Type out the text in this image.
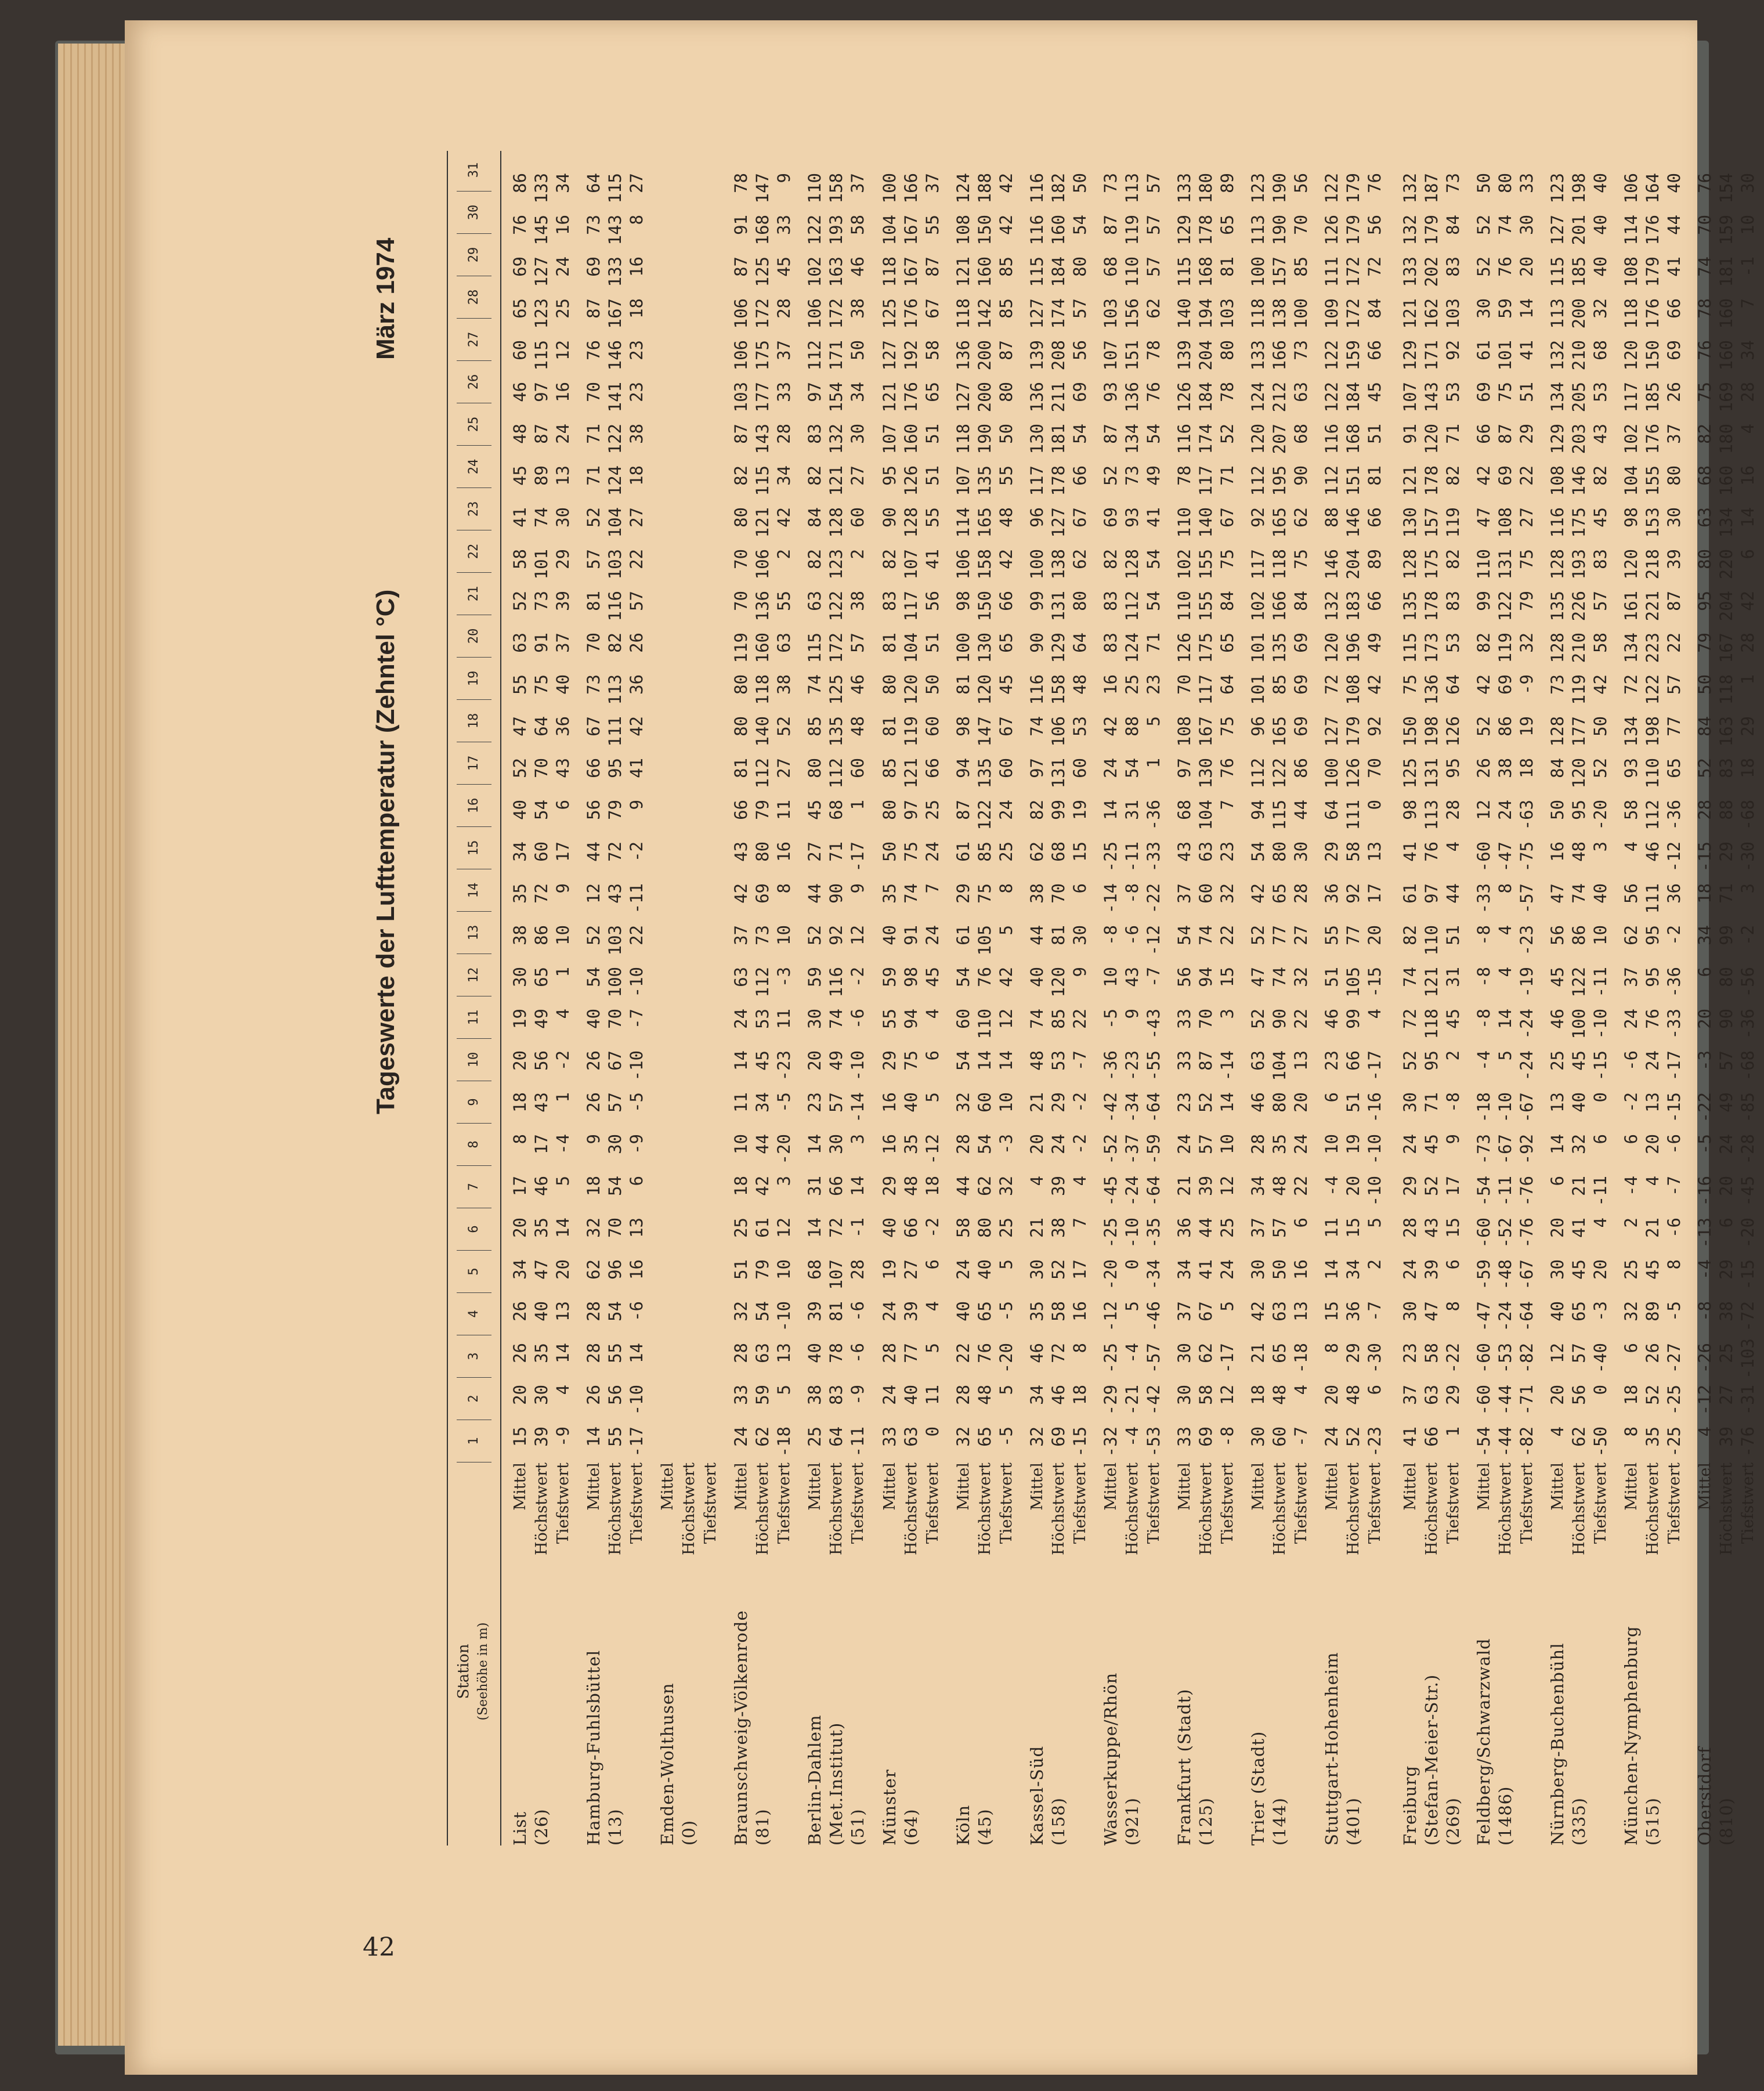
42
Tageswerte der Lufttemperatur (Zehntel °C)
März 1974
Station (Seehöhe in m)
1
2
3
4
5
6
7
8
9
10
11
12
13
14
15
16
17
18
19
20
21
22
23
24
25
26
27
28
29
30
31
List
Mittel
15
20
26
26
34
20
17
8
18
20
19
30
38
35
34
40
52
47
55
63
52
58
41
45
48
46
60
65
69
76
86
(26)
Höchstwert
39
30
35
40
47
35
46
17
43
56
49
65
86
72
60
54
70
64
75
91
73
101
74
89
87
97
115
123
127
145
133
Tiefstwert
-9
4
14
13
20
14
5
-4
1
-2
4
1
10
9
17
6
43
36
40
37
39
29
30
13
24
16
12
25
24
16
34
Hamburg-Fuhlsbüttel
Mittel
14
26
28
28
62
32
18
9
26
26
40
54
52
12
44
56
66
67
73
70
81
57
52
71
71
70
76
87
69
73
64
(13)
Höchstwert
55
56
55
54
96
70
54
30
57
67
70
100
103
43
72
79
95
111
113
82
116
103
104
124
122
141
146
167
133
143
115
Tiefstwert
-17
-10
14
-6
16
13
6
-9
-5
-10
-7
-10
22
-11
-2
9
41
42
36
26
57
22
27
18
38
23
23
18
16
8
27
Emden-Wolthusen
Mittel
(0)
Höchstwert Tiefstwert
Braunschweig-Völkenrode
Mittel
24
33
28
32
51
25
18
10
11
14
24
63
37
42
43
66
81
80
80
119
70
70
80
82
87
103
106
106
87
91
78
(81)
Höchstwert
62
59
63
54
79
61
42
44
34
45
53
112
73
69
80
79
112
140
118
160
136
106
121
115
143
177
175
172
125
168
147
Tiefstwert
-18
5
13
-10
10
12
3
-20
-5
-23
11
-3
10
8
16
11
27
52
38
63
55
2
42
34
28
33
37
28
45
33
9
Berlin-Dahlem
Mittel
25
38
40
39
68
14
31
14
23
20
30
59
52
44
27
45
80
85
74
115
63
82
84
82
83
97
112
106
102
122
110
(Met.Institut)
Höchstwert
64
83
78
81
107
72
66
30
57
49
74
116
92
90
71
68
112
135
125
172
122
123
128
121
132
154
171
172
163
193
158
(51)
Tiefstwert
-11
-9
-6
-6
28
-1
14
3
-14
-10
-6
-2
12
9
-17
1
60
48
46
57
38
2
60
27
30
34
50
38
46
58
37
Münster
Mittel
33
24
28
24
19
40
29
16
16
29
55
59
40
35
50
80
85
81
80
81
83
82
90
95
107
121
127
125
118
104
100
(64)
Höchstwert
63
40
77
39
27
66
48
35
40
75
94
98
91
74
75
97
121
119
120
104
117
107
128
126
160
176
192
176
167
167
166
Tiefstwert
0
11
5
4
6
-2
18
-12
5
6
4
45
24
7
24
25
66
60
50
51
56
41
55
51
51
65
58
67
87
55
37
Köln
Mittel
32
28
22
40
24
58
44
28
32
54
60
54
61
29
61
87
94
98
81
100
98
106
114
107
118
127
136
118
121
108
124
(45)
Höchstwert
65
48
76
65
40
80
62
54
60
14
110
76
105
75
85
122
135
147
120
130
150
158
165
135
190
200
200
142
160
150
188
Tiefstwert
-5
5
-20
-5
5
25
32
-3
10
14
12
42
5
8
25
24
60
67
45
65
66
42
48
55
50
80
87
85
85
42
42
Kassel-Süd
Mittel
32
34
46
35
30
21
4
20
21
48
74
40
44
38
62
82
97
74
116
90
99
100
96
117
130
136
139
127
115
116
116
(158)
Höchstwert
69
46
72
58
52
38
39
24
29
53
85
120
81
70
68
99
131
106
158
129
131
138
127
178
181
211
208
174
184
160
182
Tiefstwert
-15
18
8
16
17
7
4
-2
-2
-7
22
9
30
6
15
19
60
53
48
64
80
62
67
66
54
69
56
57
80
54
50
Wasserkuppe/Rhön
Mittel
-32
-29
-25
-12
-20
-25
-45
-52
-42
-36
-5
10
-8
-14
-25
14
24
42
16
83
83
82
69
52
87
93
107
103
68
87
73
(921)
Höchstwert
-4
-21
-4
5
0
-10
-24
-37
-34
-23
9
43
-6
-8
-11
31
54
88
25
124
112
128
93
73
134
136
151
156
110
119
113
Tiefstwert
-53
-42
-57
-46
-34
-35
-64
-59
-64
-55
-43
-7
-12
-22
-33
-36
1
5
23
71
54
54
41
49
54
76
78
62
57
57
57
Frankfurt (Stadt)
Mittel
33
30
30
37
34
36
21
24
23
33
33
56
54
37
43
68
97
108
70
126
110
102
110
78
116
126
139
140
115
129
133
(125)
Höchstwert
69
58
62
67
41
44
39
57
52
87
70
94
74
60
63
104
130
167
117
175
155
155
140
117
174
184
204
194
168
178
180
Tiefstwert
-8
12
-17
5
24
25
12
10
14
-14
3
15
22
32
23
7
76
75
64
65
84
75
67
71
52
78
80
103
81
65
89
Trier (Stadt)
Mittel
30
18
21
42
30
37
34
28
46
63
52
47
52
42
54
94
112
96
101
101
102
117
92
112
120
124
133
118
100
113
123
(144)
Höchstwert
60
48
65
63
50
57
48
35
80
104
90
74
77
65
80
115
122
165
85
135
166
118
165
195
207
212
166
138
157
190
190
Tiefstwert
-7
4
-18
13
16
6
22
24
20
13
22
32
27
28
30
44
86
69
69
69
84
75
62
90
68
63
73
100
85
70
56
Stuttgart-Hohenheim
Mittel
24
20
8
15
14
11
-4
10
6
23
46
51
55
36
29
64
100
127
72
120
132
146
88
112
116
122
122
109
111
126
122
(401)
Höchstwert
52
48
29
36
34
15
20
19
51
66
99
105
77
92
58
111
126
179
108
196
183
204
146
151
168
184
159
172
172
179
179
Tiefstwert
-23
6
-30
-7
2
5
-10
-10
-16
-17
4
-15
20
17
13
0
70
92
42
49
66
89
66
81
51
45
66
84
72
56
76
Freiburg
Mittel
41
37
23
30
24
28
29
24
30
52
72
74
82
61
41
98
125
150
75
115
135
128
130
121
91
107
129
121
133
132
132
(Stefan-Meier-Str.)
Höchstwert
66
63
58
47
39
43
52
45
71
95
118
121
110
97
76
113
131
198
136
173
178
175
157
178
120
143
171
162
202
179
187
(269)
Tiefstwert
1
29
-22
8
6
15
17
9
-8
2
45
31
51
44
4
28
95
126
64
53
83
82
119
82
71
53
92
103
83
84
73
Feldberg/Schwarzwald
Mittel
-54
-60
-60
-47
-59
-60
-54
-73
-18
-4
-8
-8
-8
-33
-60
12
26
52
42
82
99
110
47
42
66
69
61
30
52
52
50
(1486)
Höchstwert
-44
-44
-53
-24
-48
-52
-11
-67
-10
5
14
4
4
8
-47
24
38
86
69
119
122
131
108
69
87
75
101
59
76
74
80
Tiefstwert
-82
-71
-82
-64
-67
-76
-76
-92
-67
-24
-24
-19
-23
-57
-75
-63
18
19
-9
32
79
75
27
22
29
51
41
14
20
30
33
Nürnberg-Buchenbühl
Mittel
4
20
12
40
30
20
6
14
13
25
46
45
56
47
16
50
84
128
73
128
135
128
116
108
129
134
132
113
115
127
123
(335)
Höchstwert
62
56
57
65
45
41
21
32
40
45
100
122
86
74
48
95
120
177
119
210
226
193
175
146
203
205
210
200
185
201
198
Tiefstwert
-50
0
-40
-3
20
4
-11
6
0
-15
-10
-11
10
40
3
-20
52
50
42
58
57
83
45
82
43
53
68
32
40
40
40
München-Nymphenburg
Mittel
8
18
6
32
25
2
-4
6
-2
-6
24
37
62
56
4
58
93
134
72
134
161
120
98
104
102
117
120
118
108
114
106
(515)
Höchstwert
35
52
26
89
45
21
4
20
13
24
76
95
95
111
46
112
110
198
122
223
221
218
153
155
176
185
150
176
179
176
164
Tiefstwert
-25
-25
-27
-5
8
-6
-7
-6
-15
-17
-33
-36
-2
36
-12
-36
65
77
57
22
87
39
30
80
37
26
69
66
41
44
40
Oberstdorf
Mittel
4
-12
-26
-8
-4
-13
-16
-5
-22
-3
20
6
34
18
-15
28
52
84
50
79
95
80
63
68
82
75
76
78
74
70
76
(810)
Höchstwert
39
27
25
38
29
6
20
24
49
57
90
80
99
71
29
88
83
163
118
167
204
220
134
160
180
169
160
160
181
159
154
Tiefstwert
-76
-31
-103
-72
-15
-20
-45
-28
-85
-68
-36
-56
-2
3
-30
-68
18
29
1
28
42
6
14
16
4
28
34
7
-1
10
30
